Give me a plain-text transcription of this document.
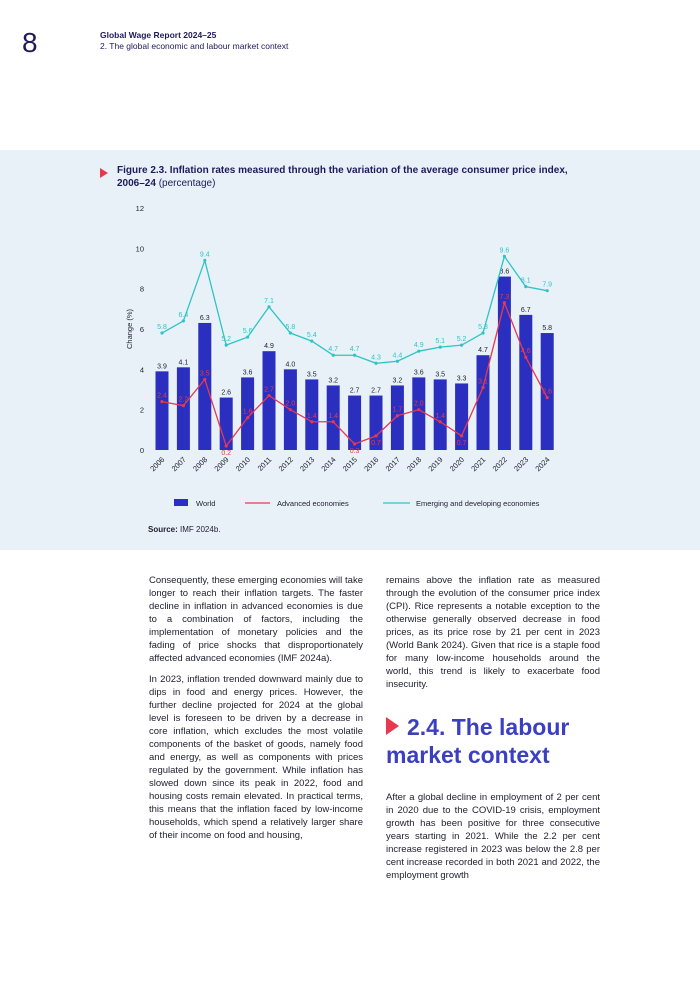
8	Global Wage Report 2024–25
2. The global economic and labour market context
Figure 2.3. Inflation rates measured through the variation of the average consumer price index, 2006–24 (percentage)
0
2
4
6
8
10
12
Change (%)
3.9
4.1
6.3
2.6
3.6
4.9
4.0
3.5
3.2
2.7 2.7
3.2
3.6 3.5
3.3
4.7
8.6
6.7
5.8
5.8
6.4
9.4
5.2
5.6
7.1
5.8
5.4
4.7 4.7
4.3 4.4
4.9
5.1 5.2
5.8
9.6
8.1
7.9
2.4
2.2
3.5
0.2
1.6
2.7
2.0
1.4 1.4
0.3
0.7
1.7
2.0
1.4
0.7
3.1
7.3
4.6
2.6
2006 2007 2008 2009 2010 2011 2012 2013 2014 2015 2016 2017 2018 2019 2020 2021 2022 2023 2024
World	Advanced economies	Emerging and developing economies
Source: IMF 2024b.

Consequently, these emerging economies will take longer to reach their inflation targets. The faster decline in inflation in advanced economies is due to a combination of factors, including the implementation of monetary policies and the fading of price shocks that disproportionately affected advanced economies (IMF 2024a).

In 2023, inflation trended downward mainly due to dips in food and energy prices. However, the further decline projected for 2024 at the global level is foreseen to be driven by a decrease in core inflation, which excludes the most volatile components of the basket of goods, namely food and energy, as well as components with prices regulated by the government. While inflation has slowed down since its peak in 2022, food and housing costs remain elevated. In practical terms, this means that the inflation faced by low-income households, which spend a relatively larger share of their income on food and housing,

remains above the inflation rate as measured through the evolution of the consumer price index (CPI). Rice represents a notable exception to the otherwise generally observed decrease in food prices, as its price rose by 21 per cent in 2023 (World Bank 2024). Given that rice is a staple food for many low-income households around the world, this trend is likely to exacerbate food insecurity.

2.4. The labour market context

After a global decline in employment of 2 per cent in 2020 due to the COVID-19 crisis, employment growth has been positive for three consecutive years starting in 2021. While the 2.2 per cent increase registered in 2023 was below the 2.8 per cent increase recorded in both 2021 and 2022, the employment growth
